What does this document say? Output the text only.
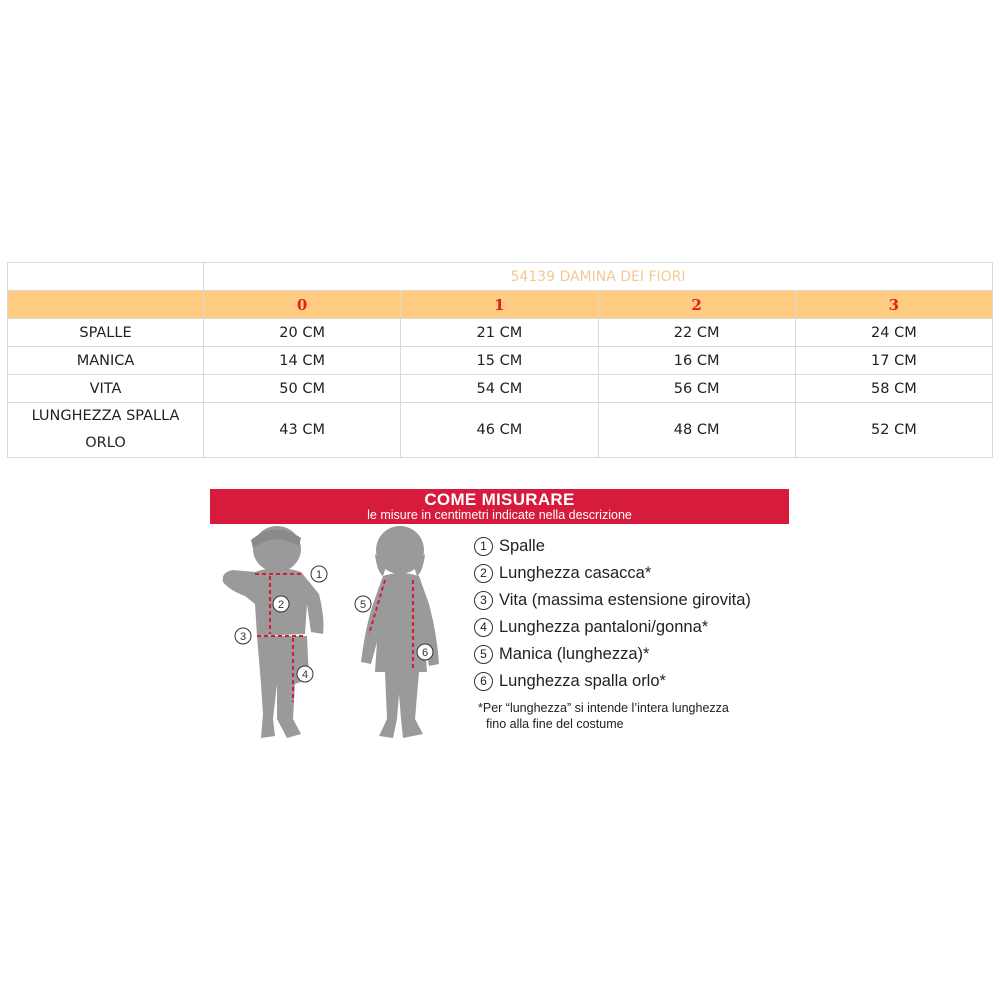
	54139 DAMINA DEI FIORI			
	0	1	2	3
SPALLE	20 CM	21 CM	22 CM	24 CM
MANICA	14 CM	15 CM	16 CM	17 CM
VITA	50 CM	54 CM	56 CM	58 CM
LUNGHEZZA SPALLA
ORLO	43 CM	46 CM	48 CM	52 CM
COME MISURARE
le misure in centimetri indicate nella descrizione
1
2
3
4
5
6
1 Spalle
2 Lunghezza casacca*
3 Vita (massima estensione girovita)
4 Lunghezza pantaloni/gonna*
5 Manica (lunghezza)*
6 Lunghezza spalla orlo*
*Per “lunghezza” si intende l’intera lunghezza
fino alla fine del costume
